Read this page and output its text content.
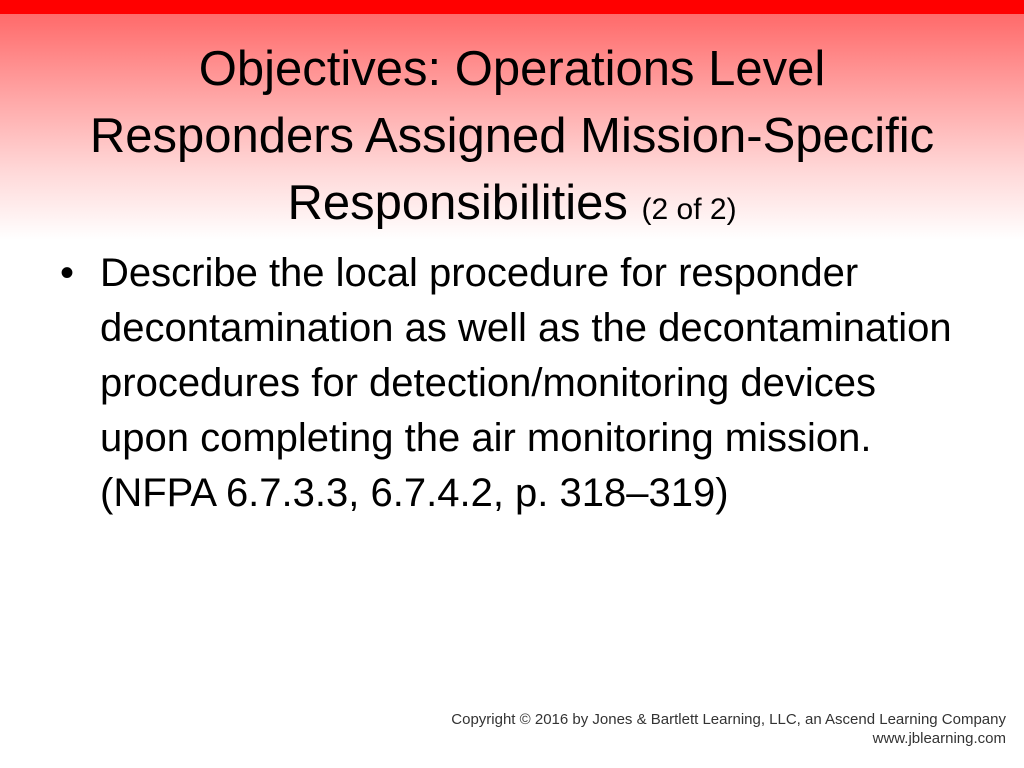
Objectives: Operations Level Responders Assigned Mission-Specific Responsibilities (2 of 2)
• Describe the local procedure for responder decontamination as well as the decontamination procedures for detection/monitoring devices upon completing the air monitoring mission. (NFPA 6.7.3.3, 6.7.4.2, p. 318–319)
Copyright © 2016 by Jones & Bartlett Learning, LLC, an Ascend Learning Company
www.jblearning.com
